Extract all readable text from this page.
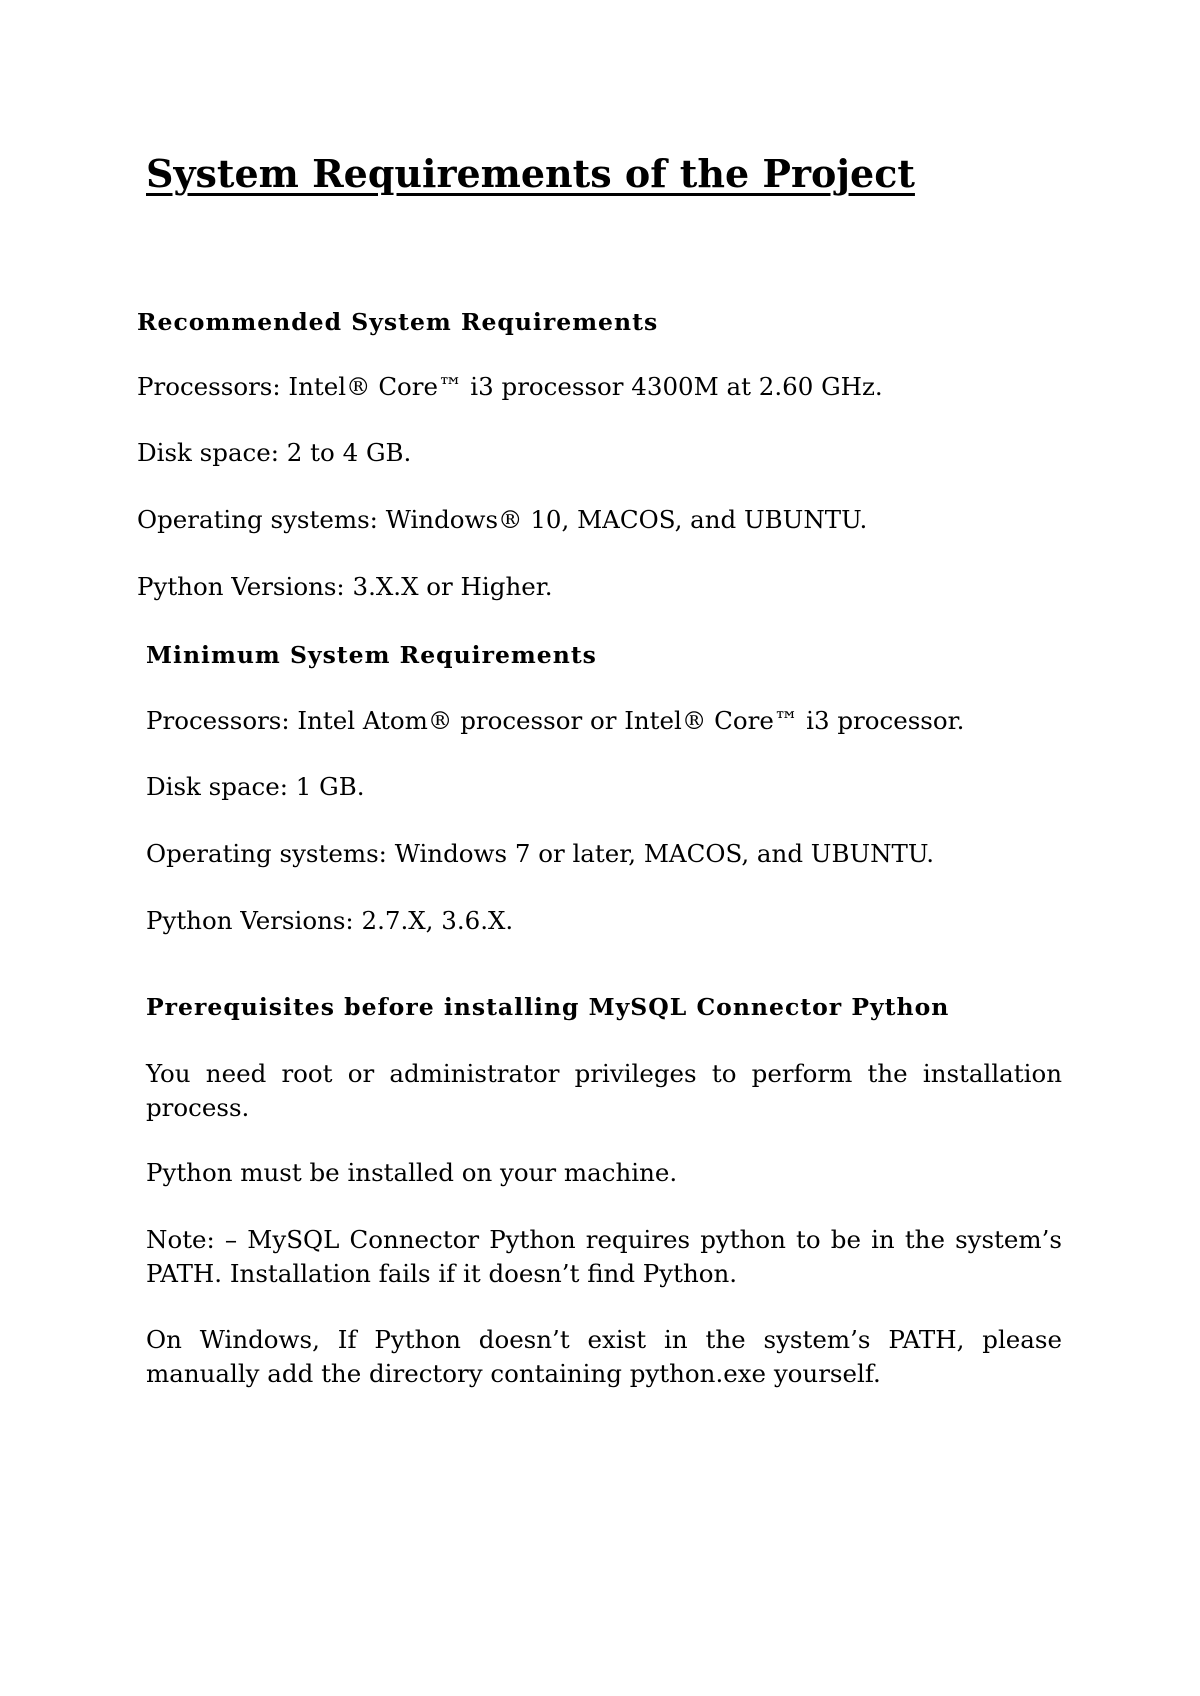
System Requirements of the Project
Recommended System Requirements
Processors: Intel® Core™ i3 processor 4300M at 2.60 GHz.
Disk space: 2 to 4 GB.
Operating systems: Windows® 10, MACOS, and UBUNTU.
Python Versions: 3.X.X or Higher.
Minimum System Requirements
Processors: Intel Atom® processor or Intel® Core™ i3 processor.
Disk space: 1 GB.
Operating systems: Windows 7 or later, MACOS, and UBUNTU.
Python Versions: 2.7.X, 3.6.X.
Prerequisites before installing MySQL Connector Python
You need root or administrator privileges to perform the installation process.
Python must be installed on your machine.
Note: – MySQL Connector Python requires python to be in the system’s PATH. Installation fails if it doesn’t find Python.
On Windows, If Python doesn’t exist in the system’s PATH, please manually add the directory containing python.exe yourself.
